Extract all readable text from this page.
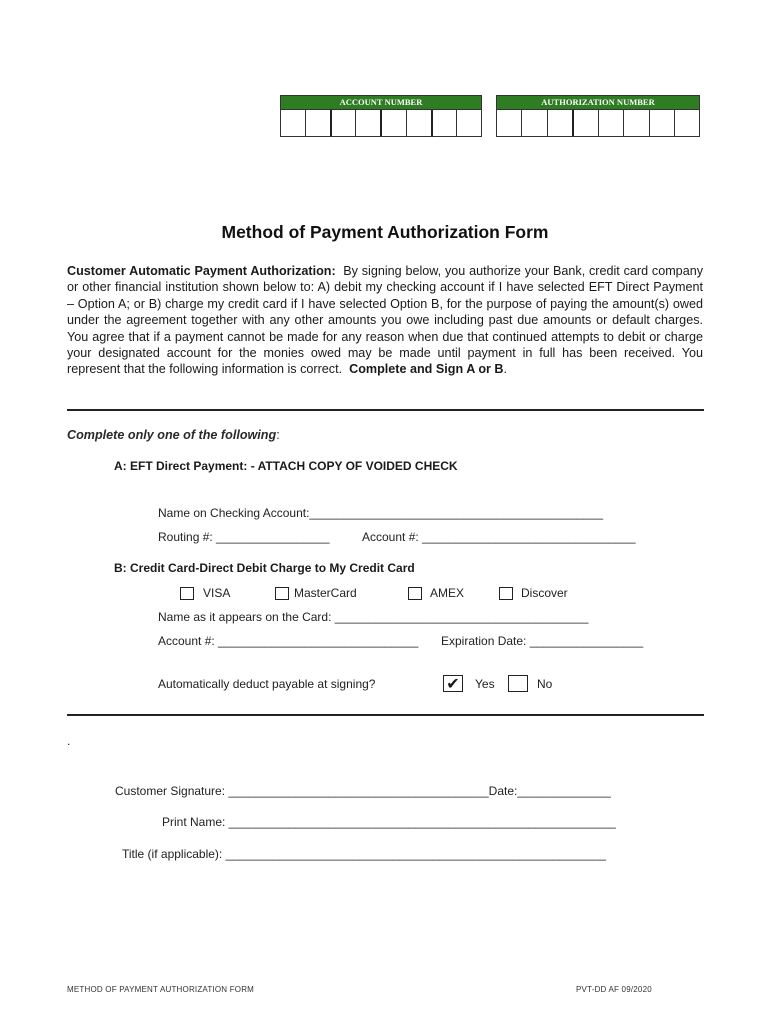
ACCOUNT NUMBER	AUTHORIZATION NUMBER
Method of Payment Authorization Form
Customer Automatic Payment Authorization: By signing below, you authorize your Bank, credit card company or other financial institution shown below to: A) debit my checking account if I have selected EFT Direct Payment – Option A; or B) charge my credit card if I have selected Option B, for the purpose of paying the amount(s) owed under the agreement together with any other amounts you owe including past due amounts or default charges. You agree that if a payment cannot be made for any reason when due that continued attempts to debit or charge your designated account for the monies owed may be made until payment in full has been received. You represent that the following information is correct. Complete and Sign A or B.
Complete only one of the following:
A: EFT Direct Payment: - ATTACH COPY OF VOIDED CHECK
Name on Checking Account:____________________________________________
Routing #: _________________	Account #: ________________________________
B: Credit Card-Direct Debit Charge to My Credit Card
VISA	MasterCard	AMEX	Discover
Name as it appears on the Card: ______________________________________
Account #: ______________________________ Expiration Date: _________________
Automatically deduct payable at signing?	✔ Yes	No
.
Customer Signature: _______________________________________Date:______________
Print Name: __________________________________________________________
Title (if applicable): _________________________________________________________
METHOD OF PAYMENT AUTHORIZATION FORM	PVT-DD AF 09/2020
